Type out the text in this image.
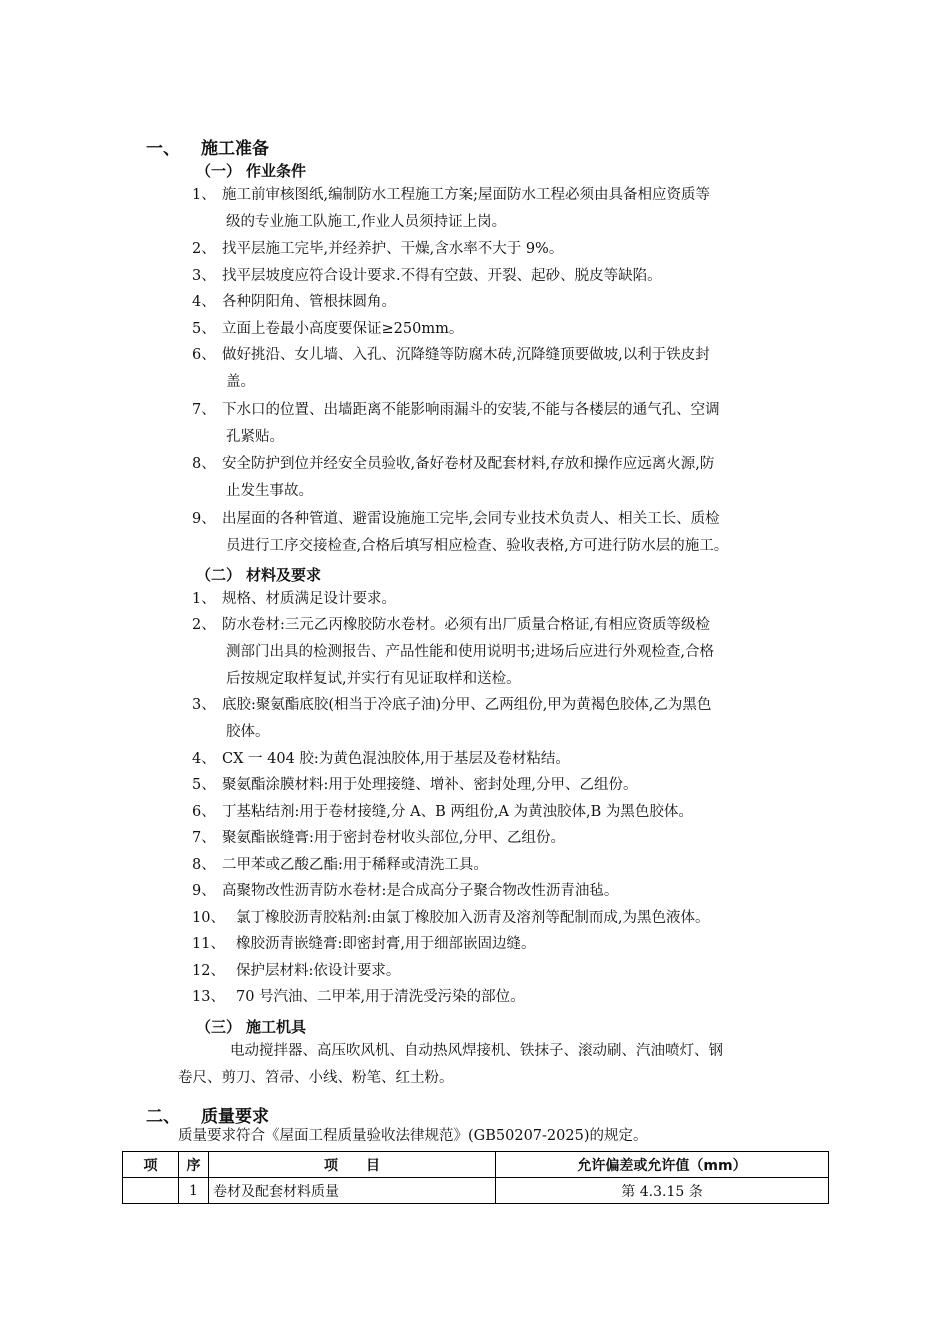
一、 施工准备
（一） 作业条件
1、 施工前审核图纸,编制防水工程施工方案;屋面防水工程必须由具备相应资质等
级的专业施工队施工,作业人员须持证上岗。
2、 找平层施工完毕,并经养护、干燥,含水率不大于 9%。
3、 找平层坡度应符合设计要求.不得有空鼓、开裂、起砂、脱皮等缺陷。
4、 各种阴阳角、管根抹圆角。
5、 立面上卷最小高度要保证≥250mm。
6、 做好挑沿、女儿墙、入孔、沉降缝等防腐木砖,沉降缝顶要做坡,以利于铁皮封
盖。
7、 下水口的位置、出墙距离不能影响雨漏斗的安装,不能与各楼层的通气孔、空调
孔紧贴。
8、 安全防护到位并经安全员验收,备好卷材及配套材料,存放和操作应远离火源,防
止发生事故。
9、 出屋面的各种管道、避雷设施施工完毕,会同专业技术负责人、相关工长、质检
员进行工序交接检查,合格后填写相应检查、验收表格,方可进行防水层的施工。
（二） 材料及要求
1、 规格、材质满足设计要求。
2、 防水卷材:三元乙丙橡胶防水卷材。必须有出厂质量合格证,有相应资质等级检
测部门出具的检测报告、产品性能和使用说明书;进场后应进行外观检查,合格
后按规定取样复试,并实行有见证取样和送检。
3、 底胶:聚氨酯底胶(相当于冷底子油)分甲、乙两组份,甲为黄褐色胶体,乙为黑色
胶体。
4、 CX 一 404 胶:为黄色混浊胶体,用于基层及卷材粘结。
5、 聚氨酯涂膜材料:用于处理接缝、增补、密封处理,分甲、乙组份。
6、 丁基粘结剂:用于卷材接缝,分 A、B 两组份,A 为黄浊胶体,B 为黑色胶体。
7、 聚氨酯嵌缝膏:用于密封卷材收头部位,分甲、乙组份。
8、 二甲苯或乙酸乙酯:用于稀释或清洗工具。
9、 高聚物改性沥青防水卷材:是合成高分子聚合物改性沥青油毡。
10、 氯丁橡胶沥青胶粘剂:由氯丁橡胶加入沥青及溶剂等配制而成,为黑色液体。
11、 橡胶沥青嵌缝膏:即密封膏,用于细部嵌固边缝。
12、 保护层材料:依设计要求。
13、 70 号汽油、二甲苯,用于清洗受污染的部位。
（三） 施工机具
电动搅拌器、高压吹风机、自动热风焊接机、铁抹子、滚动刷、汽油喷灯、钢
卷尺、剪刀、笤帚、小线、粉笔、红土粉。
二、 质量要求
质量要求符合《屋面工程质量验收法律规范》(GB50207-2025)的规定。
项	序	项　　目	允许偏差或允许值（mm）
	1	卷材及配套材料质量	第 4.3.15 条
